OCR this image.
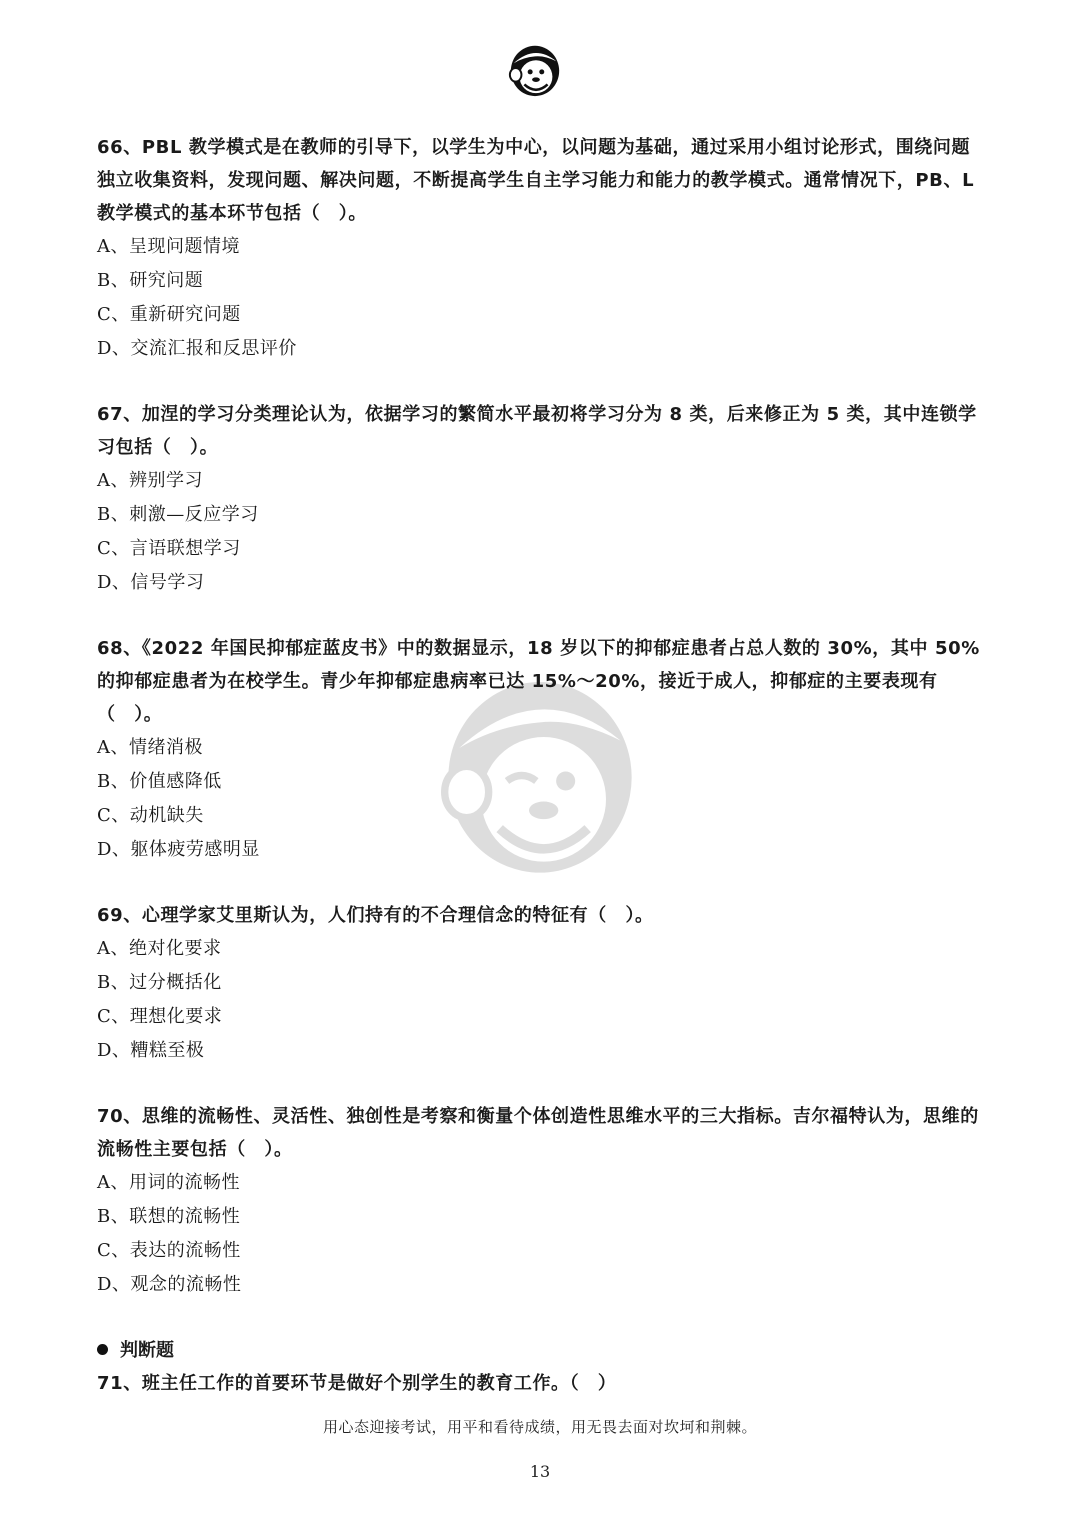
66、PBL 教学模式是在教师的引导下，以学生为中心，以问题为基础，通过采用小组讨论形式，围绕问题独立收集资料，发现问题、解决问题，不断提高学生自主学习能力和能力的教学模式。通常情况下，PB、L 教学模式的基本环节包括（　）。

A、呈现问题情境

B、研究问题

C、重新研究问题

D、交流汇报和反思评价

67、加涅的学习分类理论认为，依据学习的繁简水平最初将学习分为 8 类，后来修正为 5 类，其中连锁学习包括（　）。

A、辨别学习

B、刺激—反应学习

C、言语联想学习

D、信号学习

68、《2022 年国民抑郁症蓝皮书》中的数据显示，18 岁以下的抑郁症患者占总人数的 30%，其中 50%的抑郁症患者为在校学生。青少年抑郁症患病率已达 15%～20%，接近于成人，抑郁症的主要表现有（　）。

A、情绪消极

B、价值感降低

C、动机缺失

D、躯体疲劳感明显

69、心理学家艾里斯认为，人们持有的不合理信念的特征有（　）。

A、绝对化要求

B、过分概括化

C、理想化要求

D、糟糕至极

70、思维的流畅性、灵活性、独创性是考察和衡量个体创造性思维水平的三大指标。吉尔福特认为，思维的流畅性主要包括（　）。

A、用词的流畅性

B、联想的流畅性

C、表达的流畅性

D、观念的流畅性

判断题

71、班主任工作的首要环节是做好个别学生的教育工作。（　）

用心态迎接考试，用平和看待成绩，用无畏去面对坎坷和荆棘。
13
